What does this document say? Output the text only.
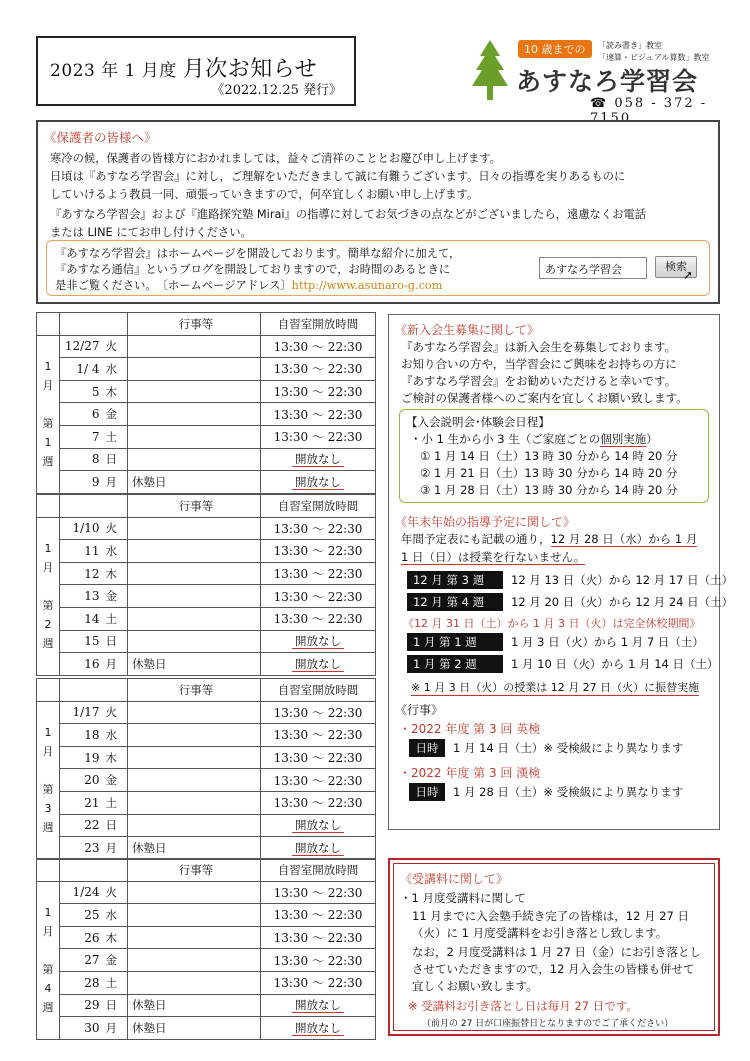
2023 年 1 月度 月次お知らせ
《2022.12.25 発行》
10 歳までの	「読み書き」教室
「速算・ビジュアル算数」教室
あすなろ学習会
☎ 058 - 372 - 7150
《保護者の皆様へ》
寒冷の候，保護者の皆様方におかれましては，益々ご清祥のこととお慶び申し上げます。
日頃は『あすなろ学習会』に対し，ご理解をいただきまして誠に有難うございます。日々の指導を実りあるものに
していけるよう教員一同、頑張っていきますので，何卒宜しくお願い申し上げます。
『あすなろ学習会』および『進路探究塾 Mirai』の指導に対してお気づきの点などがございましたら，遠慮なくお電話
または LINE にてお申し付けください。
『あすなろ学習会』はホームページを開設しております。簡単な紹介に加えて，
『あすなろ通信』というブログを開設しておりますので，お時間のあるときに
是非ご覧ください。　〔ホームページアドレス〕http://www.asunaro-g.com
あすなろ学習会	検索
➚
			行事等	自習室開放時間
1
月

第
1
週	12/27	火		13:30 ～ 22:30
	1/ 4	水		13:30 ～ 22:30
	5	木		13:30 ～ 22:30
	6	金		13:30 ～ 22:30
	7	土		13:30 ～ 22:30
	8	日		開放なし
	9	月	休塾日	開放なし
			行事等	自習室開放時間
1
月

第
2
週	1/10	火		13:30 ～ 22:30
	11	水		13:30 ～ 22:30
	12	木		13:30 ～ 22:30
	13	金		13:30 ～ 22:30
	14	土		13:30 ～ 22:30
	15	日		開放なし
	16	月	休塾日	開放なし
			行事等	自習室開放時間
1
月

第
3
週	1/17	火		13:30 ～ 22:30
	18	水		13:30 ～ 22:30
	19	木		13:30 ～ 22:30
	20	金		13:30 ～ 22:30
	21	土		13:30 ～ 22:30
	22	日		開放なし
	23	月	休塾日	開放なし
			行事等	自習室開放時間
1
月

第
4
週	1/24	火		13:30 ～ 22:30
	25	水		13:30 ～ 22:30
	26	木		13:30 ～ 22:30
	27	金		13:30 ～ 22:30
	28	土		13:30 ～ 22:30
	29	日	休塾日	開放なし
	30	月	休塾日	開放なし
《新入会生募集に関して》
『あすなろ学習会』は新入会生を募集しております。
お知り合いの方や，当学習会にご興味をお持ちの方に
『あすなろ学習会』をお勧めいただけると幸いです。
ご検討の保護者様へのご案内を宜しくお願い致します。
【入会説明会･体験会日程】
・小 1 生から小 3 生（ご家庭ごとの個別実施）
① 1 月 14 日（土）13 時 30 分から 14 時 20 分
② 1 月 21 日（土）13 時 30 分から 14 時 20 分
③ 1 月 28 日（土）13 時 30 分から 14 時 20 分
《年末年始の指導予定に関して》
年間予定表にも記載の通り，12 月 28 日（水）から 1 月
1 日（日）は授業を行ないません。
12 月 第 3 週	12 月 13 日（火）から 12 月 17 日（土）
12 月 第 4 週	12 月 20 日（火）から 12 月 24 日（土）
《12 月 31 日（土）から 1 月 3 日（火）は完全休校期間》
1 月 第 1 週	1 月 3 日（火）から 1 月 7 日（土）
1 月 第 2 週	1 月 10 日（火）から 1 月 14 日（土）
※ 1 月 3 日（火）の授業は 12 月 27 日（火）に振替実施
《行事》
・2022 年度 第 3 回 英検
日時	1 月 14 日（土）※ 受検級により異なります
・2022 年度 第 3 回 漢検
日時	1 月 28 日（土）※ 受検級により異なります
《受講料に関して》
・1 月度受講料に関して
11 月までに入会塾手続き完了の皆様は，12 月 27 日
（火）に 1 月度受講料をお引き落とし致します。
なお，2 月度受講料は 1 月 27 日（金）にお引き落とし
させていただきますので，12 月入会生の皆様も併せて
宜しくお願い致します。
※ 受講料お引き落とし日は毎月 27 日です。
（前月の 27 日が口座振替日となりますのでご了承ください）
